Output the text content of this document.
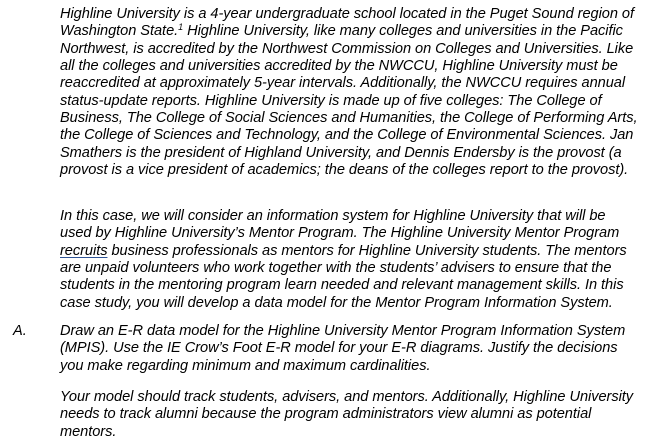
Highline University is a 4-year undergraduate school located in the Puget Sound region of Washington State.$^1$ Highline University, like many colleges and universities in the Pacific Northwest, is accredited by the Northwest Commission on Colleges and Universities. Like all the colleges and universities accredited by the NWCCU, Highline University must be reaccredited at approximately 5-year intervals. Additionally, the NWCCU requires annual status-update reports. Highline University is made up of five colleges: The College of Business, The College of Social Sciences and Humanities, the College of Performing Arts, the College of Sciences and Technology, and the College of Environmental Sciences. Jan Smathers is the president of Highland University, and Dennis Endersby is the provost (a provost is a vice president of academics; the deans of the colleges report to the provost).

In this case, we will consider an information system for Highline University that will be used by Highline University’s Mentor Program. The Highline University Mentor Program recruits business professionals as mentors for Highline University students. The mentors are unpaid volunteers who work together with the students’ advisers to ensure that the students in the mentoring program learn needed and relevant management skills. In this case study, you will develop a data model for the Mentor Program Information System.

A. Draw an E-R data model for the Highline University Mentor Program Information System (MPIS). Use the IE Crow’s Foot E-R model for your E-R diagrams. Justify the decisions you make regarding minimum and maximum cardinalities.

Your model should track students, advisers, and mentors. Additionally, Highline University needs to track alumni because the program administrators view alumni as potential mentors.
